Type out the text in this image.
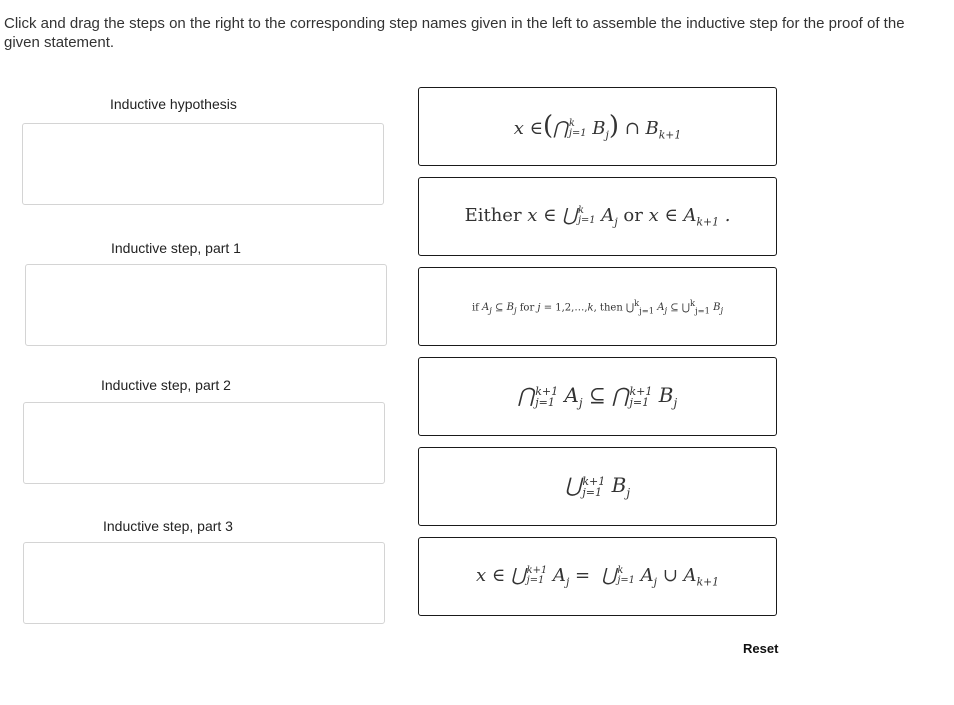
Click and drag the steps on the right to the corresponding step names given in the left to assemble the inductive step for the proof of the given statement.
Inductive hypothesis
Inductive step, part 1
Inductive step, part 2
Inductive step, part 3
x ∈(⋂ k
j=1 $B_j$) ∩ $B_{k+1}$
Either x ∈ ⋃ k
j=1 $A_j$ or x ∈ $A_{k+1}$ .
if $A_j$ ⊆ $B_j$ for j = 1,2,…,k, then ⋃$^k_{j=1}$ $A_j$ ⊆ ⋃$^k_{j=1}$ $B_j$
⋂ k+1
j=1 $A_j$ ⊆ ⋂ k+1
j=1 $B_j$
⋃ k+1
j=1 $B_j$
x ∈ ⋃ k+1
j=1 $A_j$ =  ⋃ k
j=1 $A_j$ ∪ $A_{k+1}$
Reset
